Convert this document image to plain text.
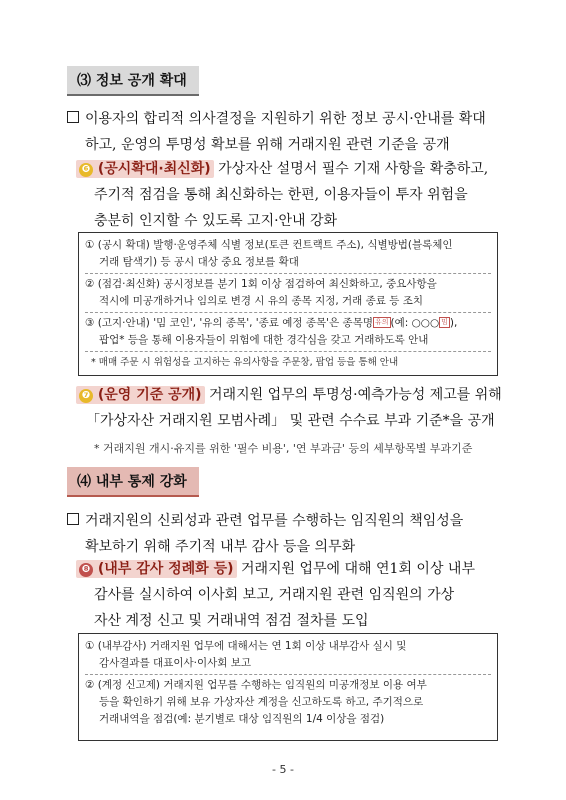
⑶ 정보 공개 확대
이용자의 합리적 의사결정을 지원하기 위한 정보 공시·안내를 확대
하고, 운영의 투명성 확보를 위해 거래지원 관련 기준을 공개
❻ (공시확대·최신화) 가상자산 설명서 필수 기재 사항을 확충하고,
주기적 점검을 통해 최신화하는 한편, 이용자들이 투자 위험을
충분히 인지할 수 있도록 고지·안내 강화
① (공시 확대) 발행·운영주체 식별 정보(토큰 컨트랙트 주소), 식별방법(블록체인
거래 탐색기) 등 공시 대상 중요 정보를 확대
② (점검·최신화) 공시정보를 분기 1회 이상 점검하여 최신화하고, 중요사항을
적시에 미공개하거나 임의로 변경 시 유의 종목 지정, 거래 종료 등 조치
③ (고지·안내) '밈 코인', '유의 종목', '종료 예정 종목'은 종목명 유의 (예: ○○○ 밈 ),
팝업* 등을 통해 이용자들이 위험에 대한 경각심을 갖고 거래하도록 안내
* 매매 주문 시 위험성을 고지하는 유의사항을 주문창, 팝업 등을 통해 안내
❼ (운영 기준 공개) 거래지원 업무의 투명성·예측가능성 제고를 위해
「가상자산 거래지원 모범사례」 및 관련 수수료 부과 기준*을 공개
* 거래지원 개시·유지를 위한 '필수 비용', '연 부과금' 등의 세부항목별 부과기준
⑷ 내부 통제 강화
거래지원의 신뢰성과 관련 업무를 수행하는 임직원의 책임성을
확보하기 위해 주기적 내부 감사 등을 의무화
❽ (내부 감사 정례화 등) 거래지원 업무에 대해 연1회 이상 내부
감사를 실시하여 이사회 보고, 거래지원 관련 임직원의 가상
자산 계정 신고 및 거래내역 점검 절차를 도입
① (내부감사) 거래지원 업무에 대해서는 연 1회 이상 내부감사 실시 및
감사결과를 대표이사·이사회 보고
② (계정 신고제) 거래지원 업무를 수행하는 임직원의 미공개정보 이용 여부
등을 확인하기 위해 보유 가상자산 계정을 신고하도록 하고, 주기적으로
거래내역을 점검(예: 분기별로 대상 임직원의 1/4 이상을 점검)
- 5 -
